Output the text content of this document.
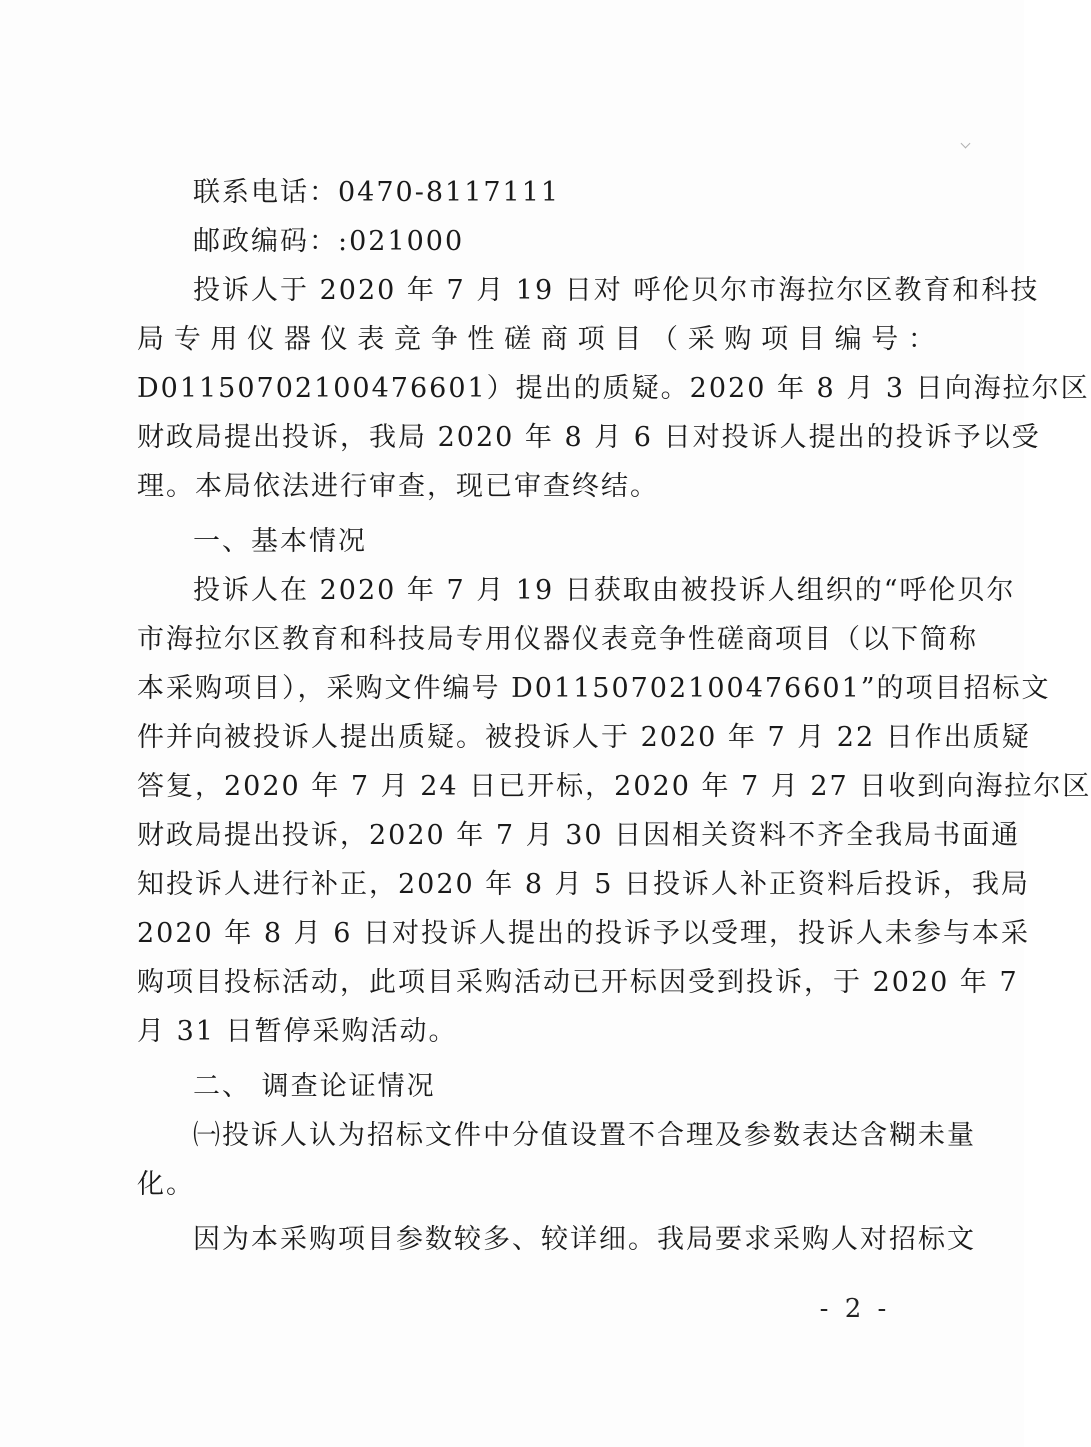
联系电话：0470-8117111
邮政编码：:021000
投诉人于 2020 年 7 月 19 日对 呼伦贝尔市海拉尔区教育和科技
局专用仪器仪表竞争性磋商项目（采购项目编号：
D01150702100476601）提出的质疑。2020 年 8 月 3 日向海拉尔区
财政局提出投诉，我局 2020 年 8 月 6 日对投诉人提出的投诉予以受
理。本局依法进行审查，现已审查终结。
一、基本情况
投诉人在 2020 年 7 月 19 日获取由被投诉人组织的“呼伦贝尔
市海拉尔区教育和科技局专用仪器仪表竞争性磋商项目（以下简称
本采购项目），采购文件编号 D01150702100476601”的项目招标文
件并向被投诉人提出质疑。被投诉人于 2020 年 7 月 22 日作出质疑
答复，2020 年 7 月 24 日已开标，2020 年 7 月 27 日收到向海拉尔区
财政局提出投诉，2020 年 7 月 30 日因相关资料不齐全我局书面通
知投诉人进行补正，2020 年 8 月 5 日投诉人补正资料后投诉，我局
2020 年 8 月 6 日对投诉人提出的投诉予以受理，投诉人未参与本采
购项目投标活动，此项目采购活动已开标因受到投诉，于 2020 年 7
月 31 日暂停采购活动。
二、 调查论证情况
㈠投诉人认为招标文件中分值设置不合理及参数表达含糊未量
化。
因为本采购项目参数较多、较详细。我局要求采购人对招标文
- 2 -
